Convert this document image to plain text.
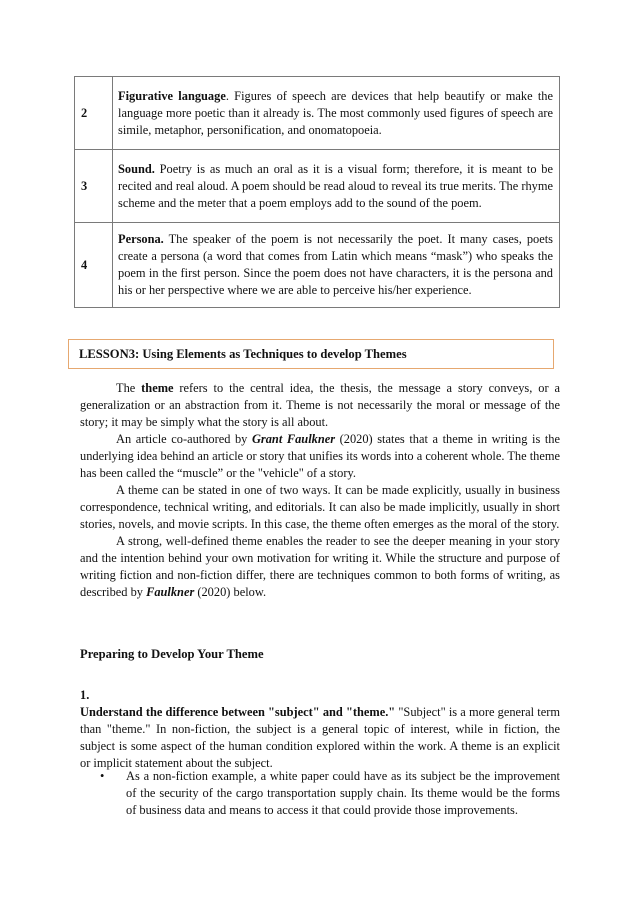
2	Figurative language. Figures of speech are devices that help beautify or make the language more poetic than it already is. The most commonly used figures of speech are simile, metaphor, personification, and onomatopoeia.
3	Sound. Poetry is as much an oral as it is a visual form; therefore, it is meant to be recited and real aloud. A poem should be read aloud to reveal its true merits. The rhyme scheme and the meter that a poem employs add to the sound of the poem.
4	Persona. The speaker of the poem is not necessarily the poet. It many cases, poets create a persona (a word that comes from Latin which means “mask”) who speaks the poem in the first person. Since the poem does not have characters, it is the persona and his or her perspective where we are able to perceive his/her experience.
LESSON3: Using Elements as Techniques to develop Themes

The theme refers to the central idea, the thesis, the message a story conveys, or a generalization or an abstraction from it. Theme is not necessarily the moral or message of the story; it may be simply what the story is all about.

An article co-authored by Grant Faulkner (2020) states that a theme in writing is the underlying idea behind an article or story that unifies its words into a coherent whole. The theme has been called the “muscle” or the "vehicle" of a story.

A theme can be stated in one of two ways. It can be made explicitly, usually in business correspondence, technical writing, and editorials. It can also be made implicitly, usually in short stories, novels, and movie scripts. In this case, the theme often emerges as the moral of the story.

A strong, well-defined theme enables the reader to see the deeper meaning in your story and the intention behind your own motivation for writing it. While the structure and purpose of writing fiction and non-fiction differ, there are techniques common to both forms of writing, as described by Faulkner (2020) below.

Preparing to Develop Your Theme
1.
Understand the difference between "subject" and "theme." "Subject" is a more general term than "theme." In non-fiction, the subject is a general topic of interest, while in fiction, the subject is some aspect of the human condition explored within the work. A theme is an explicit or implicit statement about the subject.
• As a non-fiction example, a white paper could have as its subject be the improvement of the security of the cargo transportation supply chain. Its theme would be the forms of business data and means to access it that could provide those improvements.
